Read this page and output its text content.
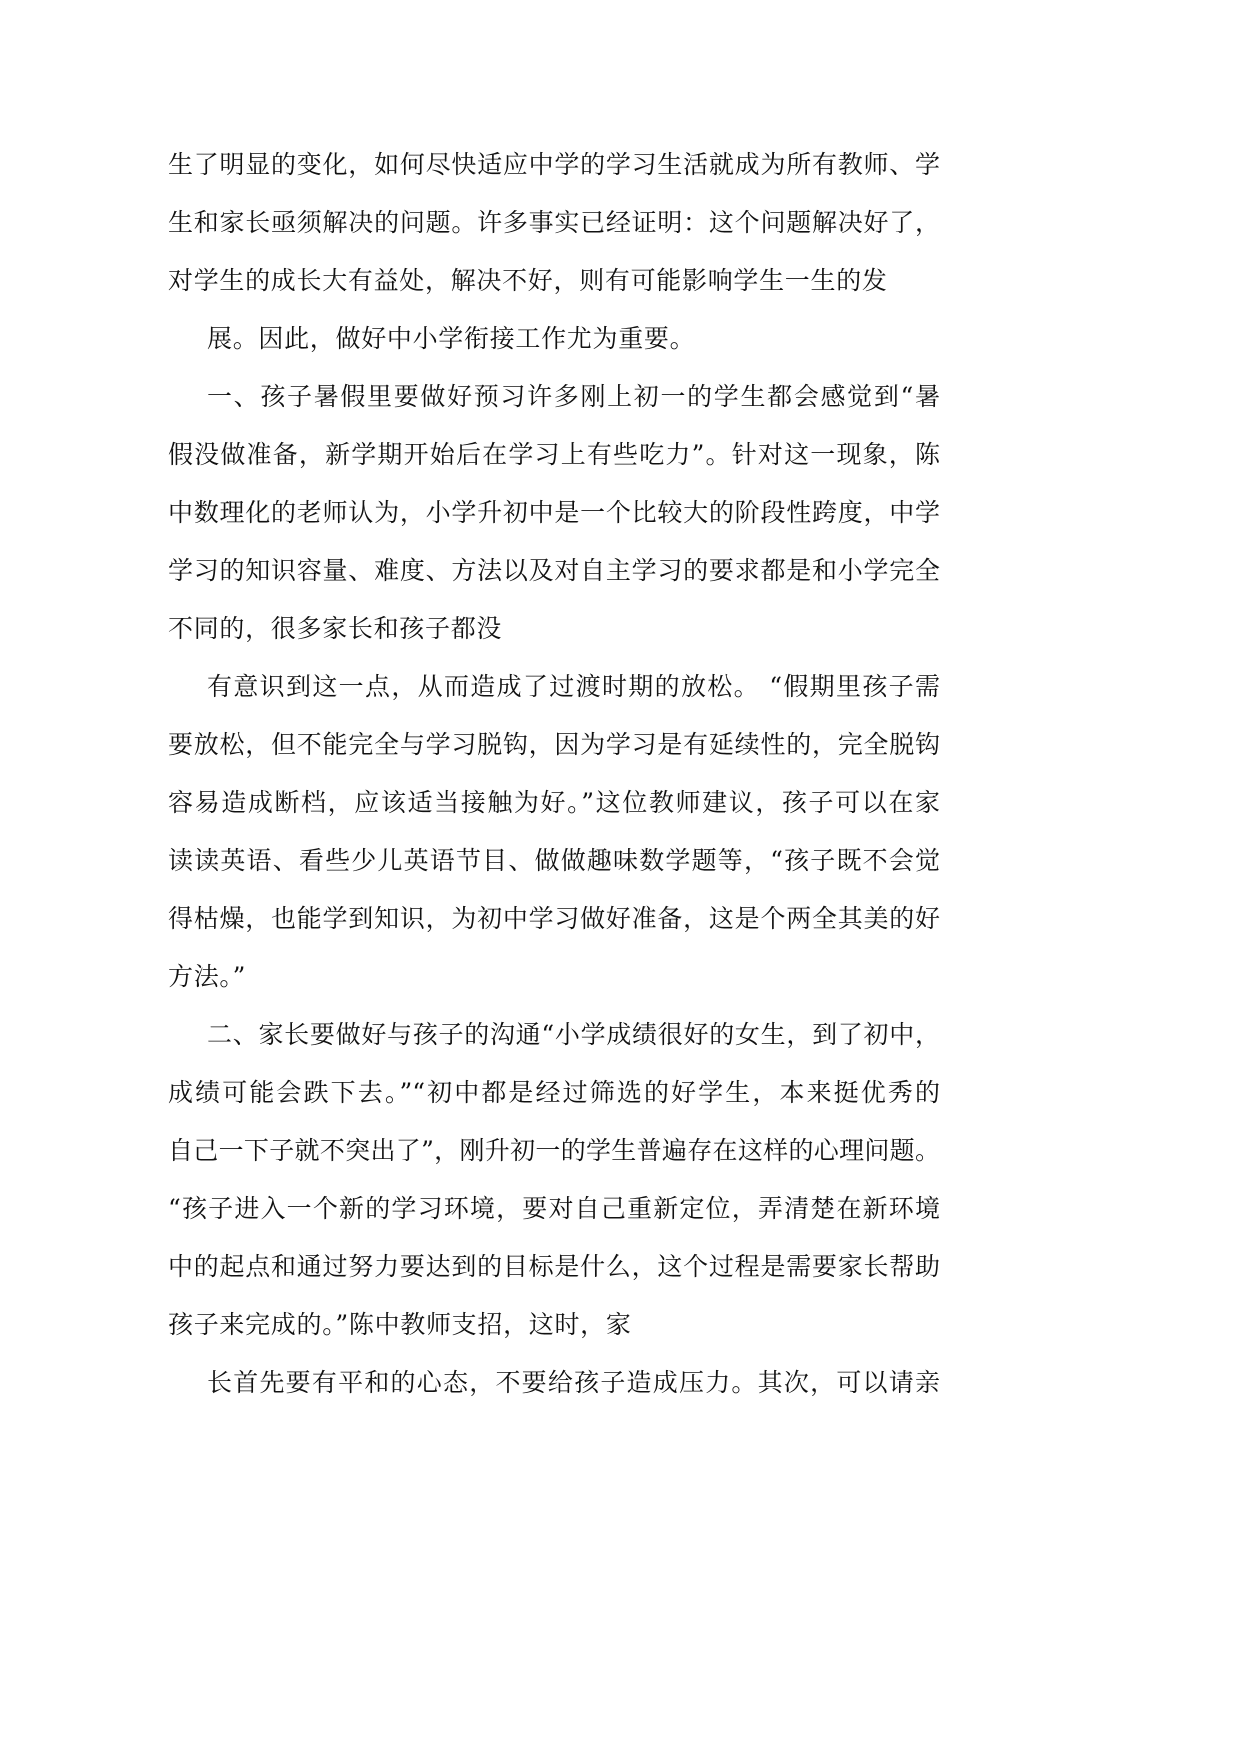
生了明显的变化，如何尽快适应中学的学习生活就成为所有教师、学
生和家长亟须解决的问题。许多事实已经证明：这个问题解决好了，
对学生的成长大有益处，解决不好，则有可能影响学生一生的发
展。因此，做好中小学衔接工作尤为重要。
一、孩子暑假里要做好预习许多刚上初一的学生都会感觉到“暑
假没做准备，新学期开始后在学习上有些吃力”。针对这一现象，陈
中数理化的老师认为，小学升初中是一个比较大的阶段性跨度，中学
学习的知识容量、难度、方法以及对自主学习的要求都是和小学完全
不同的，很多家长和孩子都没
有意识到这一点，从而造成了过渡时期的放松。 “假期里孩子需
要放松，但不能完全与学习脱钩，因为学习是有延续性的，完全脱钩
容易造成断档，应该适当接触为好。”这位教师建议，孩子可以在家
读读英语、看些少儿英语节目、做做趣味数学题等，“孩子既不会觉
得枯燥，也能学到知识，为初中学习做好准备，这是个两全其美的好
方法。”
二、家长要做好与孩子的沟通“小学成绩很好的女生，到了初中，
成绩可能会跌下去。”“初中都是经过筛选的好学生，本来挺优秀的
自己一下子就不突出了”，刚升初一的学生普遍存在这样的心理问题。
“孩子进入一个新的学习环境，要对自己重新定位，弄清楚在新环境
中的起点和通过努力要达到的目标是什么，这个过程是需要家长帮助
孩子来完成的。”陈中教师支招，这时，家
长首先要有平和的心态，不要给孩子造成压力。其次，可以请亲
